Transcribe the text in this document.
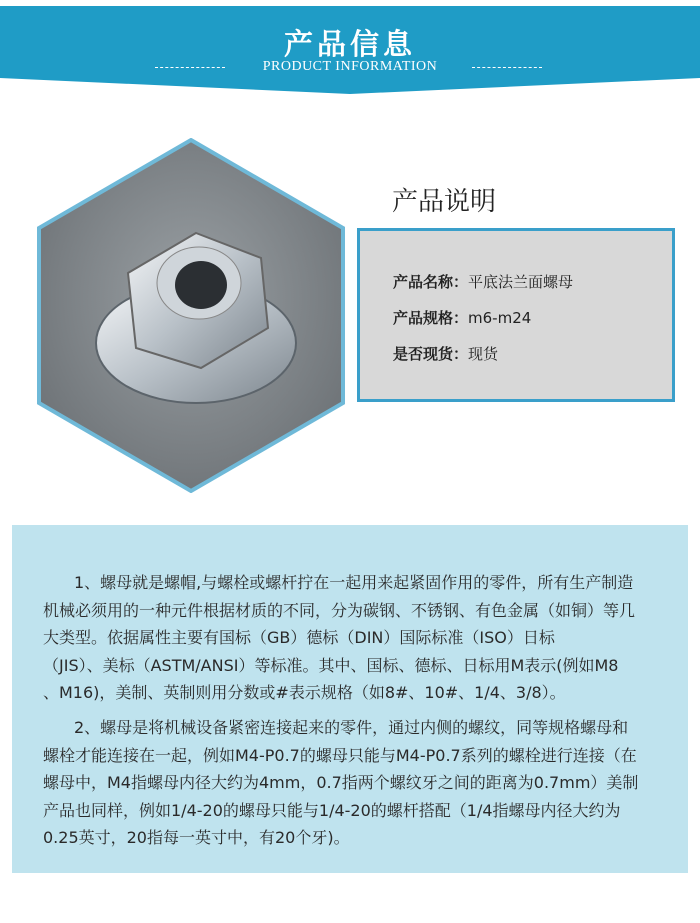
产品信息
PRODUCT INFORMATION
产品说明
产品名称：平底法兰面螺母
产品规格：m6-m24
是否现货：现货
1、螺母就是螺帽,与螺栓或螺杆拧在一起用来起紧固作用的零件，所有生产制造
机械必须用的一种元件根据材质的不同，分为碳钢、不锈钢、有色金属（如铜）等几
大类型。依据属性主要有国标（GB）德标（DIN）国际标准（ISO）日标
（JIS）、美标（ASTM/ANSI）等标准。其中、国标、德标、日标用M表示(例如M8
、M16)，美制、英制则用分数或#表示规格（如8#、10#、1/4、3/8）。
2、螺母是将机械设备紧密连接起来的零件，通过内侧的螺纹，同等规格螺母和
螺栓才能连接在一起，例如M4-P0.7的螺母只能与M4-P0.7系列的螺栓进行连接（在
螺母中，M4指螺母内径大约为4mm，0.7指两个螺纹牙之间的距离为0.7mm）美制
产品也同样，例如1/4-20的螺母只能与1/4-20的螺杆搭配（1/4指螺母内径大约为
0.25英寸，20指每一英寸中，有20个牙)。
